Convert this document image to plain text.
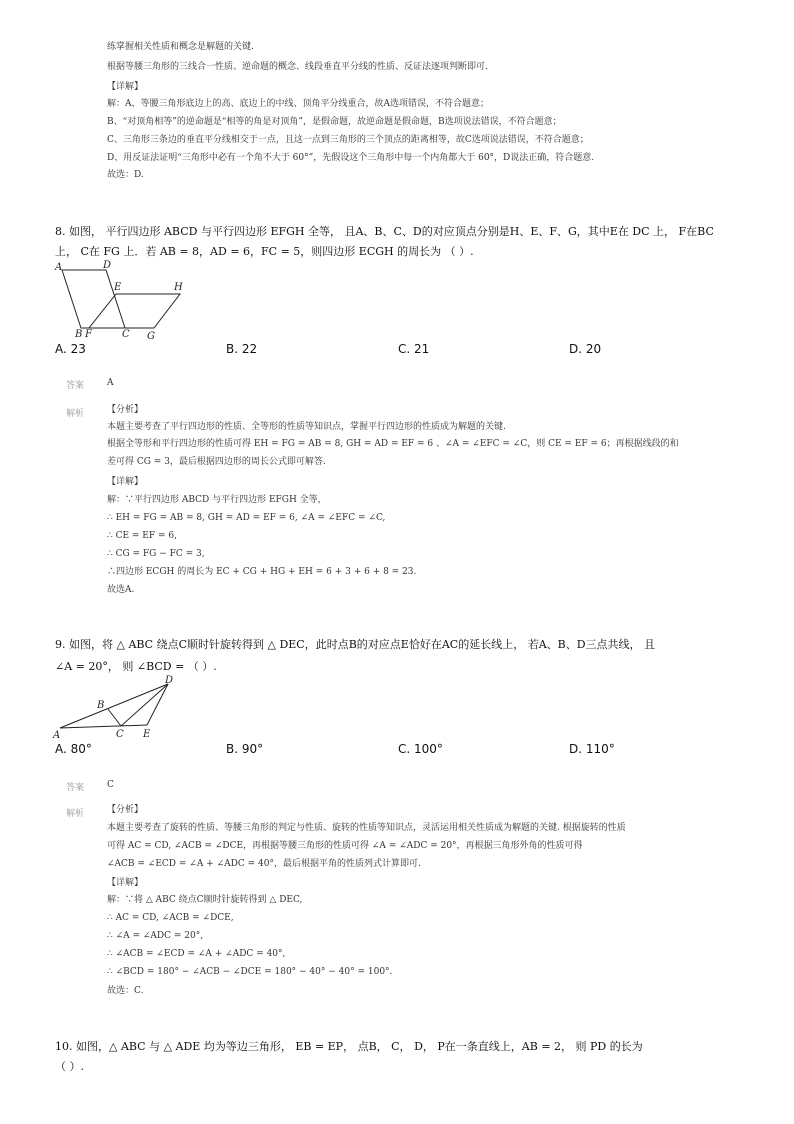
练掌握相关性质和概念是解题的关键.
根据等腰三角形的三线合一性质、逆命题的概念、线段垂直平分线的性质、反证法逐项判断即可.
【详解】
解：A、等腰三角形底边上的高、底边上的中线、顶角平分线重合，故A选项错误，不符合题意；
B、“对顶角相等”的逆命题是“相等的角是对顶角”，是假命题，故逆命题是假命题，B选项说法错误，不符合题意；
C、三角形三条边的垂直平分线相交于一点，且这一点到三角形的三个顶点的距离相等，故C选项说法错误，不符合题意；
D、用反证法证明“三角形中必有一个角不大于 60°”，先假设这个三角形中每一个内角都大于 60°，D说法正确，符合题意.
故选：D.
8. 如图， 平行四边形 ABCD 与平行四边形 EFGH 全等， 且A、B、C、D的对应顶点分别是H、E、F、G，其中E在 DC 上， F在BC
上， C在 FG 上．若 AB = 8，AD = 6，FC = 5，则四边形 ECGH 的周长为 （ ）.
A	D
E	H
B F	C G
A. 23	B. 22	C. 21	D. 20
答案	A
解析	【分析】
本题主要考查了平行四边形的性质、全等形的性质等知识点，掌握平行四边形的性质成为解题的关键.
根据全等形和平行四边形的性质可得 EH = FG = AB = 8, GH = AD = EF = 6 、∠A = ∠EFC = ∠C，则 CE = EF = 6；再根据线段的和
差可得 CG = 3，最后根据四边形的周长公式即可解答.
【详解】
解：∵平行四边形 ABCD 与平行四边形 EFGH 全等，
∴ EH = FG = AB = 8, GH = AD = EF = 6, ∠A = ∠EFC = ∠C,
∴ CE = EF = 6,
∴ CG = FG − FC = 3,
∴四边形 ECGH 的周长为 EC + CG + HG + EH = 6 + 3 + 6 + 8 = 23.
故选A.
9. 如图，将 △ ABC 绕点C顺时针旋转得到 △ DEC，此时点B的对应点E恰好在AC的延长线上， 若A、B、D三点共线， 且
∠A = 20°， 则 ∠BCD = （ ）.
D
B
A	C E
A. 80°	B. 90°	C. 100°	D. 110°
答案	C
解析	【分析】
本题主要考查了旋转的性质、等腰三角形的判定与性质、旋转的性质等知识点，灵活运用相关性质成为解题的关键. 根据旋转的性质
可得 AC = CD, ∠ACB = ∠DCE，再根据等腰三角形的性质可得 ∠A = ∠ADC = 20°，再根据三角形外角的性质可得
∠ACB = ∠ECD = ∠A + ∠ADC = 40°，最后根据平角的性质列式计算即可.
【详解】
解：∵将 △ ABC 绕点C顺时针旋转得到 △ DEC,
∴ AC = CD, ∠ACB = ∠DCE,
∴ ∠A = ∠ADC = 20°,
∴ ∠ACB = ∠ECD = ∠A + ∠ADC = 40°,
∴ ∠BCD = 180° − ∠ACB − ∠DCE = 180° − 40° − 40° = 100°.
故选：C.
10. 如图，△ ABC 与 △ ADE 均为等边三角形， EB = EP， 点B， C， D， P在一条直线上，AB = 2， 则 PD 的长为
（ ）.
